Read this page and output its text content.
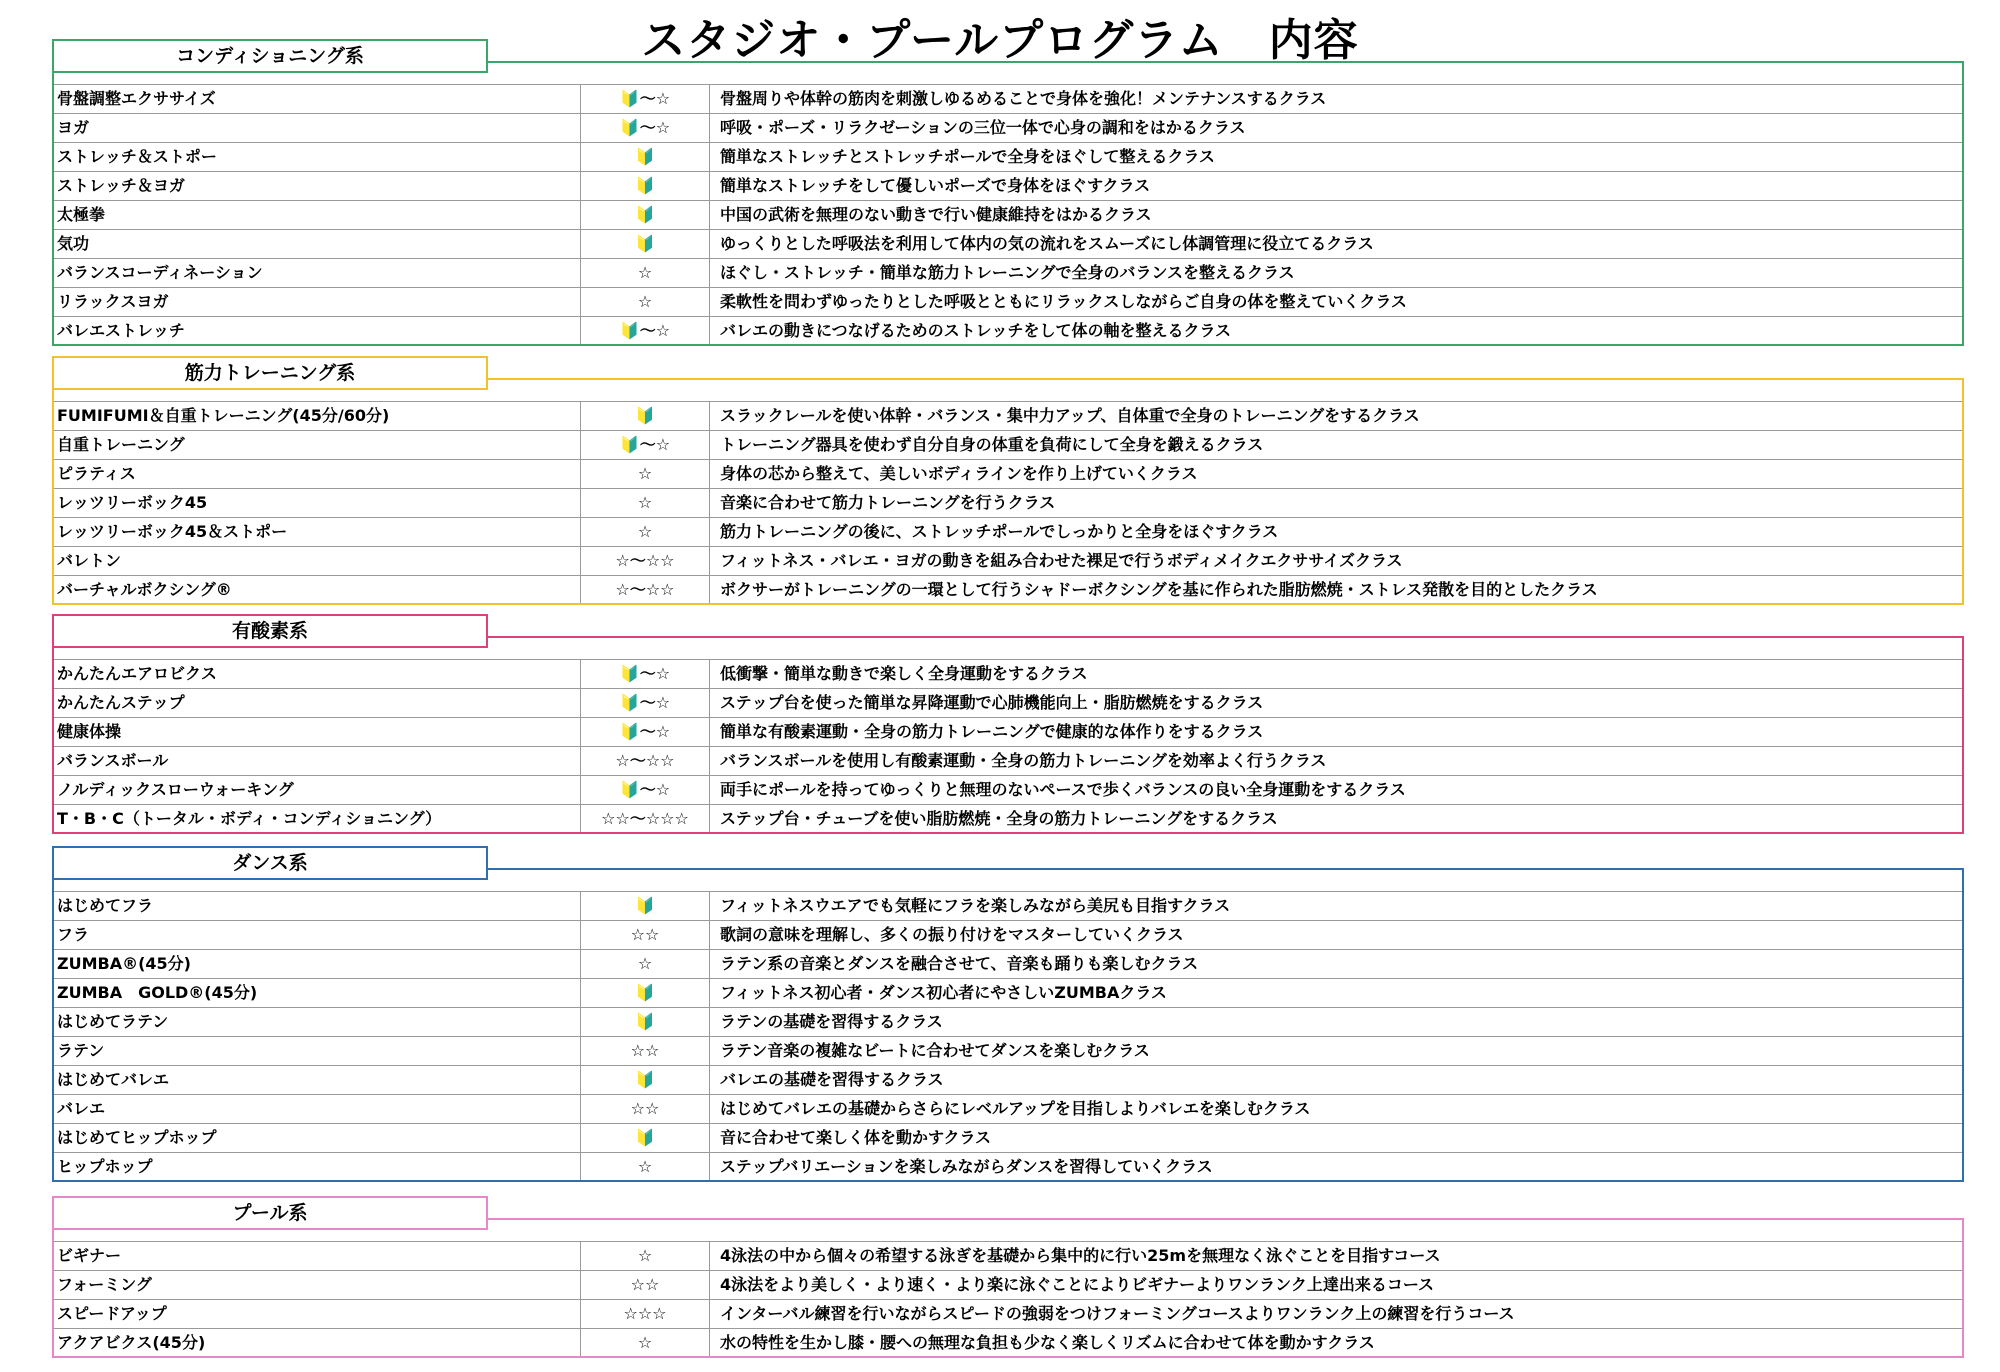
スタジオ・プールプログラム　内容
コンディショニング系
骨盤調整エクササイズ	🔰～☆	骨盤周りや体幹の筋肉を刺激しゆるめることで身体を強化！メンテナンスするクラス
ヨガ	🔰～☆	呼吸・ポーズ・リラクゼーションの三位一体で心身の調和をはかるクラス
ストレッチ＆ストポー	🔰	簡単なストレッチとストレッチポールで全身をほぐして整えるクラス
ストレッチ＆ヨガ	🔰	簡単なストレッチをして優しいポーズで身体をほぐすクラス
太極拳	🔰	中国の武術を無理のない動きで行い健康維持をはかるクラス
気功	🔰	ゆっくりとした呼吸法を利用して体内の気の流れをスムーズにし体調管理に役立てるクラス
バランスコーディネーション	☆	ほぐし・ストレッチ・簡単な筋力トレーニングで全身のバランスを整えるクラス
リラックスヨガ	☆	柔軟性を問わずゆったりとした呼吸とともにリラックスしながらご自身の体を整えていくクラス
バレエストレッチ	🔰～☆	バレエの動きにつなげるためのストレッチをして体の軸を整えるクラス
筋力トレーニング系
FUMIFUMI＆自重トレーニング(45分/60分)	🔰	スラックレールを使い体幹・バランス・集中力アップ、自体重で全身のトレーニングをするクラス
自重トレーニング	🔰～☆	トレーニング器具を使わず自分自身の体重を負荷にして全身を鍛えるクラス
ピラティス	☆	身体の芯から整えて、美しいボディラインを作り上げていくクラス
レッツリーボック45	☆	音楽に合わせて筋力トレーニングを行うクラス
レッツリーボック45＆ストポー	☆	筋力トレーニングの後に、ストレッチポールでしっかりと全身をほぐすクラス
バレトン	☆～☆☆	フィットネス・バレエ・ヨガの動きを組み合わせた裸足で行うボディメイクエクササイズクラス
バーチャルボクシング®	☆～☆☆	ボクサーがトレーニングの一環として行うシャドーボクシングを基に作られた脂肪燃焼・ストレス発散を目的としたクラス
有酸素系
かんたんエアロビクス	🔰～☆	低衝撃・簡単な動きで楽しく全身運動をするクラス
かんたんステップ	🔰～☆	ステップ台を使った簡単な昇降運動で心肺機能向上・脂肪燃焼をするクラス
健康体操	🔰～☆	簡単な有酸素運動・全身の筋力トレーニングで健康的な体作りをするクラス
バランスボール	☆～☆☆	バランスボールを使用し有酸素運動・全身の筋力トレーニングを効率よく行うクラス
ノルディックスローウォーキング	🔰～☆	両手にポールを持ってゆっくりと無理のないペースで歩くバランスの良い全身運動をするクラス
T・B・C（トータル・ボディ・コンディショニング）	☆☆～☆☆☆	ステップ台・チューブを使い脂肪燃焼・全身の筋力トレーニングをするクラス
ダンス系
はじめてフラ	🔰	フィットネスウエアでも気軽にフラを楽しみながら美尻も目指すクラス
フラ	☆☆	歌詞の意味を理解し、多くの振り付けをマスターしていくクラス
ZUMBA®(45分)	☆	ラテン系の音楽とダンスを融合させて、音楽も踊りも楽しむクラス
ZUMBA　GOLD®(45分)	🔰	フィットネス初心者・ダンス初心者にやさしいZUMBAクラス
はじめてラテン	🔰	ラテンの基礎を習得するクラス
ラテン	☆☆	ラテン音楽の複雑なビートに合わせてダンスを楽しむクラス
はじめてバレエ	🔰	バレエの基礎を習得するクラス
バレエ	☆☆	はじめてバレエの基礎からさらにレベルアップを目指しよりバレエを楽しむクラス
はじめてヒップホップ	🔰	音に合わせて楽しく体を動かすクラス
ヒップホップ	☆	ステップバリエーションを楽しみながらダンスを習得していくクラス
プール系
ビギナー	☆	4泳法の中から個々の希望する泳ぎを基礎から集中的に行い25mを無理なく泳ぐことを目指すコース
フォーミング	☆☆	4泳法をより美しく・より速く・より楽に泳ぐことによりビギナーよりワンランク上達出来るコース
スピードアップ	☆☆☆	インターバル練習を行いながらスピードの強弱をつけフォーミングコースよりワンランク上の練習を行うコース
アクアビクス(45分)	☆	水の特性を生かし膝・腰への無理な負担も少なく楽しくリズムに合わせて体を動かすクラス
